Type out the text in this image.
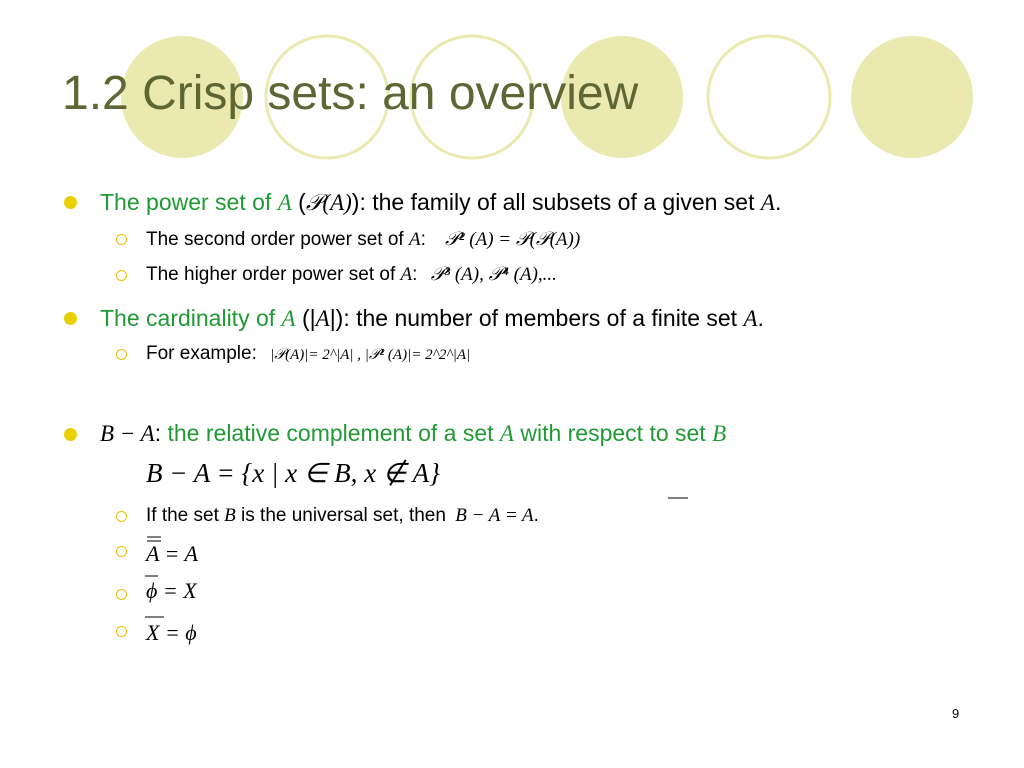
1.2 Crisp sets: an overview
The power set of A (𝒫(A)): the family of all subsets of a given set A.
The second order power set of A: 𝒫² (A) = 𝒫(𝒫(A))
The higher order power set of A: 𝒫³ (A), 𝒫⁴ (A),...
The cardinality of A (|A|): the number of members of a finite set A.
For example: |𝒫(A)|= 2^|A| , |𝒫² (A)|= 2^2^|A|
B − A: the relative complement of a set A with respect to set B
B − A = {x | x ∈ B, x ∉ A}
If the set B is the universal set, then B − A = A.
A = A
ϕ = X
X = ϕ
9
